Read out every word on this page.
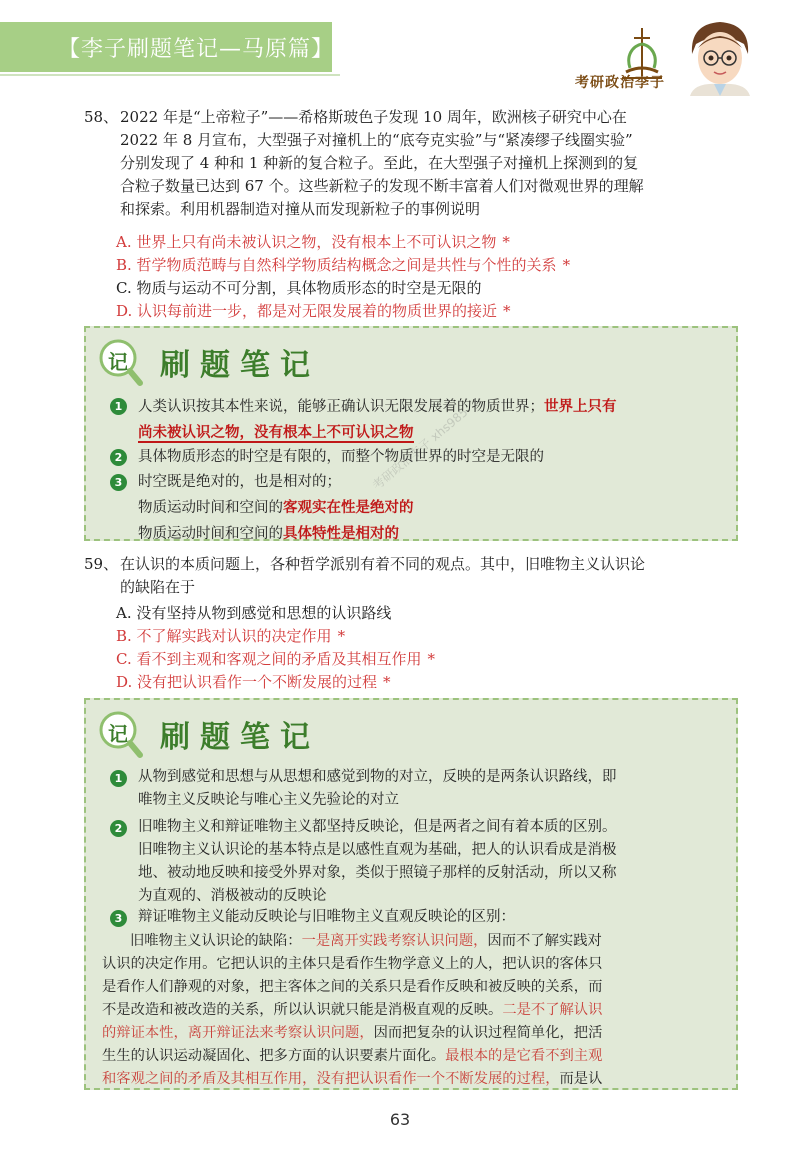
【李子刷题笔记—马原篇】
考研政治李子
58、 2022 年是“上帝粒子”——希格斯玻色子发现 10 周年，欧洲核子研究中心在
2022 年 8 月宣布，大型强子对撞机上的“底夸克实验”与“紧凑缪子线圈实验”
分别发现了 4 种和 1 种新的复合粒子。至此，在大型强子对撞机上探测到的复
合粒子数量已达到 67 个。这些新粒子的发现不断丰富着人们对微观世界的理解
和探索。利用机器制造对撞从而发现新粒子的事例说明
A. 世界上只有尚未被认识之物，没有根本上不可认识之物 *
B. 哲学物质范畴与自然科学物质结构概念之间是共性与个性的关系 *
C. 物质与运动不可分割，具体物质形态的时空是无限的
D. 认识每前进一步，都是对无限发展着的物质世界的接近 *
记 刷题笔记
1	人类认识按其本性来说，能够正确认识无限发展着的物质世界；世界上只有
尚未被认识之物，没有根本上不可认识之物
2	具体物质形态的时空是有限的，而整个物质世界的时空是无限的
3	时空既是绝对的，也是相对的；
物质运动时间和空间的客观实在性是绝对的
物质运动时间和空间的具体特性是相对的
59、 在认识的本质问题上，各种哲学派别有着不同的观点。其中，旧唯物主义认识论
的缺陷在于
A. 没有坚持从物到感觉和思想的认识路线
B. 不了解实践对认识的决定作用 *
C. 看不到主观和客观之间的矛盾及其相互作用 *
D. 没有把认识看作一个不断发展的过程 *
记 刷题笔记
1	从物到感觉和思想与从思想和感觉到物的对立，反映的是两条认识路线，即
唯物主义反映论与唯心主义先验论的对立
2	旧唯物主义和辩证唯物主义都坚持反映论，但是两者之间有着本质的区别。
旧唯物主义认识论的基本特点是以感性直观为基础，把人的认识看成是消极
地、被动地反映和接受外界对象，类似于照镜子那样的反射活动，所以又称
为直观的、消极被动的反映论
3	辩证唯物主义能动反映论与旧唯物主义直观反映论的区别：
旧唯物主义认识论的缺陷：一是离开实践考察认识问题，因而不了解实践对
认识的决定作用。它把认识的主体只是看作生物学意义上的人，把认识的客体只
是看作人们静观的对象，把主客体之间的关系只是看作反映和被反映的关系，而
不是改造和被改造的关系，所以认识就只能是消极直观的反映。二是不了解认识
的辩证本性，离开辩证法来考察认识问题，因而把复杂的认识过程简单化，把活
生生的认识运动凝固化、把多方面的认识要素片面化。最根本的是它看不到主观
和客观之间的矛盾及其相互作用，没有把认识看作一个不断发展的过程，而是认
考研政治李子 xhs985
63
